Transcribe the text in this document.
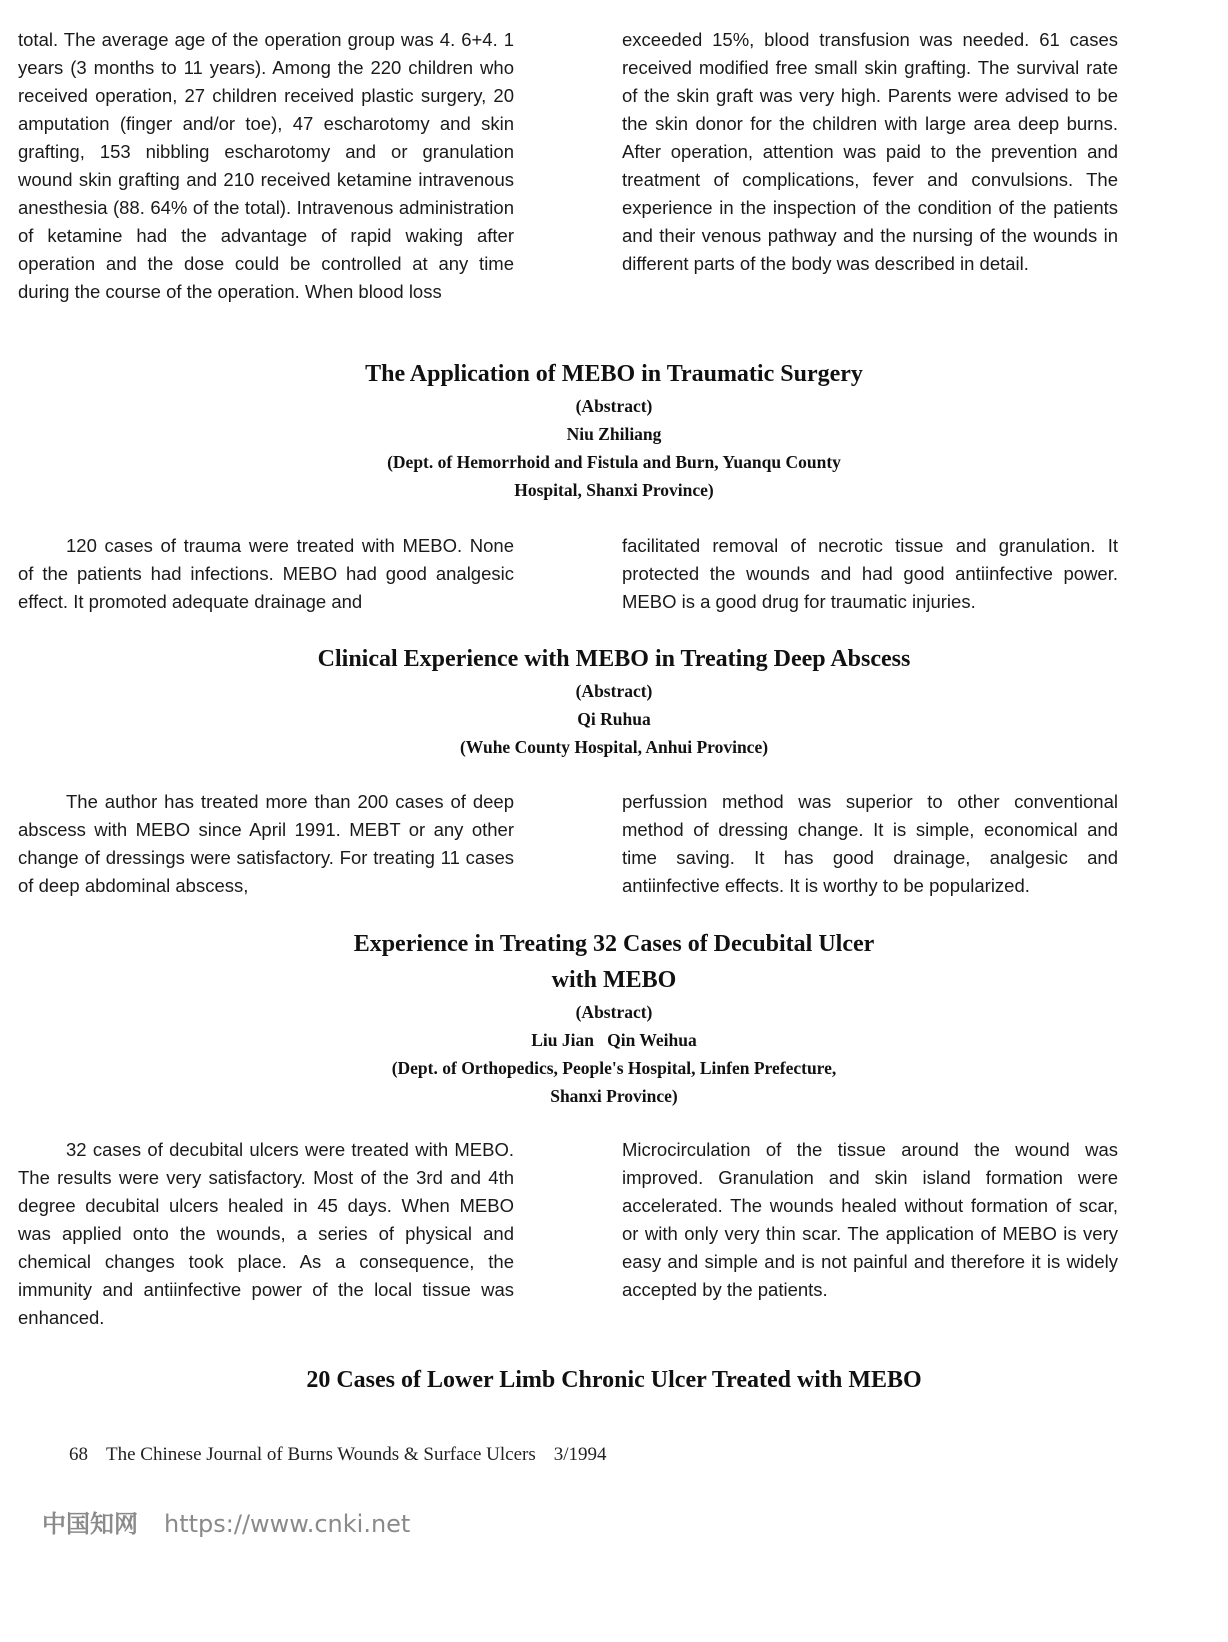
total. The average age of the operation group was 4. 6+4. 1 years (3 months to 11 years). Among the 220 children who received operation, 27 children received plastic surgery, 20 amputation (finger and/or toe), 47 escharotomy and skin grafting, 153 nibbling escharotomy and or granulation wound skin grafting and 210 received ketamine intravenous anesthesia (88. 64% of the total). Intravenous administration of ketamine had the advantage of rapid waking after operation and the dose could be controlled at any time during the course of the operation. When blood loss

exceeded 15%, blood transfusion was needed. 61 cases received modified free small skin grafting. The survival rate of the skin graft was very high. Parents were advised to be the skin donor for the children with large area deep burns. After operation, attention was paid to the prevention and treatment of complications, fever and convulsions. The experience in the inspection of the condition of the patients and their venous pathway and the nursing of the wounds in different parts of the body was described in detail.

The Application of MEBO in Traumatic Surgery

(Abstract)

Niu Zhiliang

(Dept. of Hemorrhoid and Fistula and Burn, Yuanqu County

Hospital, Shanxi Province)

120 cases of trauma were treated with MEBO. None of the patients had infections. MEBO had good analgesic effect. It promoted adequate drainage and

facilitated removal of necrotic tissue and granulation. It protected the wounds and had good antiinfective power. MEBO is a good drug for traumatic injuries.

Clinical Experience with MEBO in Treating Deep Abscess

(Abstract)

Qi Ruhua

(Wuhe County Hospital, Anhui Province)

The author has treated more than 200 cases of deep abscess with MEBO since April 1991. MEBT or any other change of dressings were satisfactory. For treating 11 cases of deep abdominal abscess,

perfussion method was superior to other conventional method of dressing change. It is simple, economical and time saving. It has good drainage, analgesic and antiinfective effects. It is worthy to be popularized.

Experience in Treating 32 Cases of Decubital Ulcer

with MEBO

(Abstract)

Liu Jian   Qin Weihua

(Dept. of Orthopedics, People's Hospital, Linfen Prefecture,

Shanxi Province)

32 cases of decubital ulcers were treated with MEBO. The results were very satisfactory. Most of the 3rd and 4th degree decubital ulcers healed in 45 days. When MEBO was applied onto the wounds, a series of physical and chemical changes took place. As a consequence, the immunity and antiinfective power of the local tissue was enhanced.

Microcirculation of the tissue around the wound was improved. Granulation and skin island formation were accelerated. The wounds healed without formation of scar, or with only very thin scar. The application of MEBO is very easy and simple and is not painful and therefore it is widely accepted by the patients.

20 Cases of Lower Limb Chronic Ulcer Treated with MEBO

68 The Chinese Journal of Burns Wounds & Surface Ulcers 3/1994

中国知网 https://www.cnki.net
